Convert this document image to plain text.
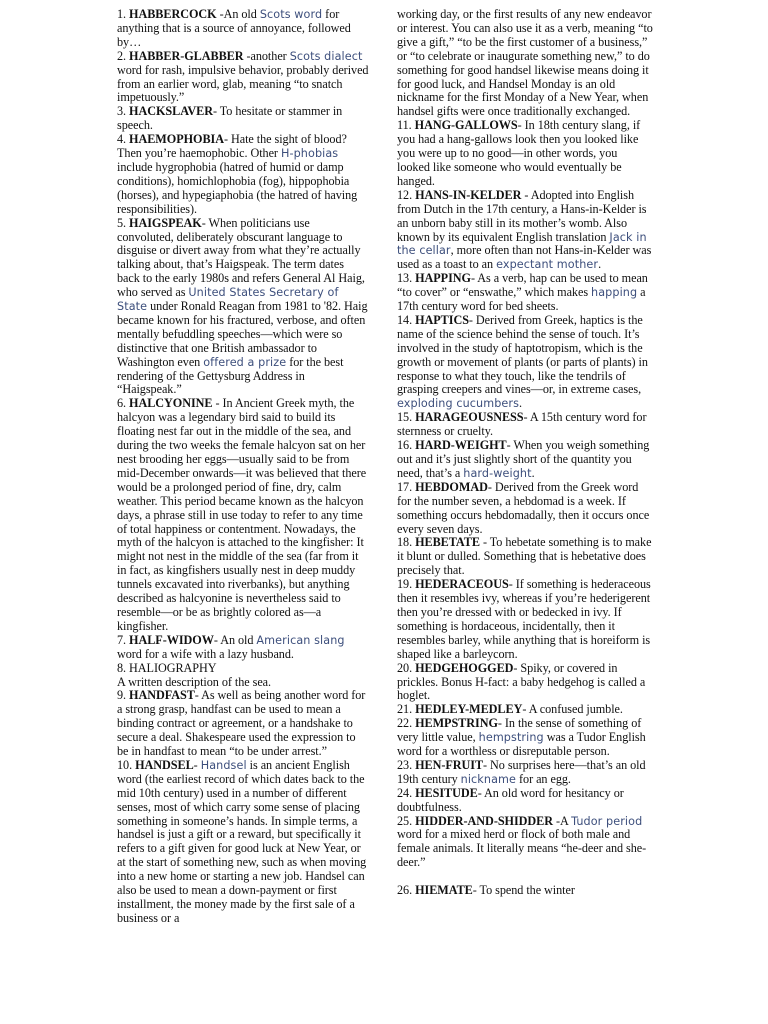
1. HABBERCOCK -An old Scots word for anything that is a source of annoyance, followed by…

2. HABBER-GLABBER -another Scots dialect word for rash, impulsive behavior, probably derived from an earlier word, glab, meaning “to snatch impetuously.”

3. HACKSLAVER- To hesitate or stammer in speech.

4. HAEMOPHOBIA- Hate the sight of blood? Then you’re haemophobic. Other H-phobias include hygrophobia (hatred of humid or damp conditions), homichlophobia (fog), hippophobia (horses), and hypegiaphobia (the hatred of having responsibilities).

5. HAIGSPEAK- When politicians use convoluted, deliberately obscurant language to disguise or divert away from what they’re actually talking about, that’s Haigspeak. The term dates back to the early 1980s and refers General Al Haig, who served as United States Secretary of State under Ronald Reagan from 1981 to '82. Haig became known for his fractured, verbose, and often mentally befuddling speeches—which were so distinctive that one British ambassador to Washington even offered a prize for the best rendering of the Gettysburg Address in “Haigspeak.”

6. HALCYONINE - In Ancient Greek myth, the halcyon was a legendary bird said to build its floating nest far out in the middle of the sea, and during the two weeks the female halcyon sat on her nest brooding her eggs—usually said to be from mid-December onwards—it was believed that there would be a prolonged period of fine, dry, calm weather. This period became known as the halcyon days, a phrase still in use today to refer to any time of total happiness or contentment. Nowadays, the myth of the halcyon is attached to the kingfisher: It might not nest in the middle of the sea (far from it in fact, as kingfishers usually nest in deep muddy tunnels excavated into riverbanks), but anything described as halcyonine is nevertheless said to resemble—or be as brightly colored as—a kingfisher.

7. HALF-WIDOW- An old American slang word for a wife with a lazy husband.

8. HALIOGRAPHY
A written description of the sea.

9. HANDFAST- As well as being another word for a strong grasp, handfast can be used to mean a binding contract or agreement, or a handshake to secure a deal. Shakespeare used the expression to be in handfast to mean “to be under arrest.”

10. HANDSEL- Handsel is an ancient English word (the earliest record of which dates back to the mid 10th century) used in a number of different senses, most of which carry some sense of placing something in someone’s hands. In simple terms, a handsel is just a gift or a reward, but specifically it refers to a gift given for good luck at New Year, or at the start of something new, such as when moving into a new home or starting a new job. Handsel can also be used to mean a down-payment or first installment, the money made by the first sale of a business or a

working day, or the first results of any new endeavor or interest. You can also use it as a verb, meaning “to give a gift,” “to be the first customer of a business,” or “to celebrate or inaugurate something new,” to do something for good handsel likewise means doing it for good luck, and Handsel Monday is an old nickname for the first Monday of a New Year, when handsel gifts were once traditionally exchanged.

11. HANG-GALLOWS- In 18th century slang, if you had a hang-gallows look then you looked like you were up to no good—in other words, you looked like someone who would eventually be hanged.

12. HANS-IN-KELDER - Adopted into English from Dutch in the 17th century, a Hans-in-Kelder is an unborn baby still in its mother’s womb. Also known by its equivalent English translation Jack in the cellar, more often than not Hans-in-Kelder was used as a toast to an expectant mother.

13. HAPPING- As a verb, hap can be used to mean “to cover” or “enswathe,” which makes happing a 17th century word for bed sheets.

14. HAPTICS- Derived from Greek, haptics is the name of the science behind the sense of touch. It’s involved in the study of haptotropism, which is the growth or movement of plants (or parts of plants) in response to what they touch, like the tendrils of grasping creepers and vines—or, in extreme cases, exploding cucumbers.

15. HARAGEOUSNESS- A 15th century word for sternness or cruelty.

16. HARD-WEIGHT- When you weigh something out and it’s just slightly short of the quantity you need, that’s a hard-weight.

17. HEBDOMAD- Derived from the Greek word for the number seven, a hebdomad is a week. If something occurs hebdomadally, then it occurs once every seven days.

18. HEBETATE - To hebetate something is to make it blunt or dulled. Something that is hebetative does precisely that.

19. HEDERACEOUS- If something is hederaceous then it resembles ivy, whereas if you’re hederigerent then you’re dressed with or bedecked in ivy. If something is hordaceous, incidentally, then it resembles barley, while anything that is horeiform is shaped like a barleycorn.

20. HEDGEHOGGED- Spiky, or covered in prickles. Bonus H-fact: a baby hedgehog is called a hoglet.

21. HEDLEY-MEDLEY- A confused jumble.

22. HEMPSTRING- In the sense of something of very little value, hempstring was a Tudor English word for a worthless or disreputable person.

23. HEN-FRUIT- No surprises here—that’s an old 19th century nickname for an egg.

24. HESITUDE- An old word for hesitancy or doubtfulness.

25. HIDDER-AND-SHIDDER -A Tudor period word for a mixed herd or flock of both male and female animals. It literally means “he-deer and she-deer.”

26. HIEMATE- To spend the winter
